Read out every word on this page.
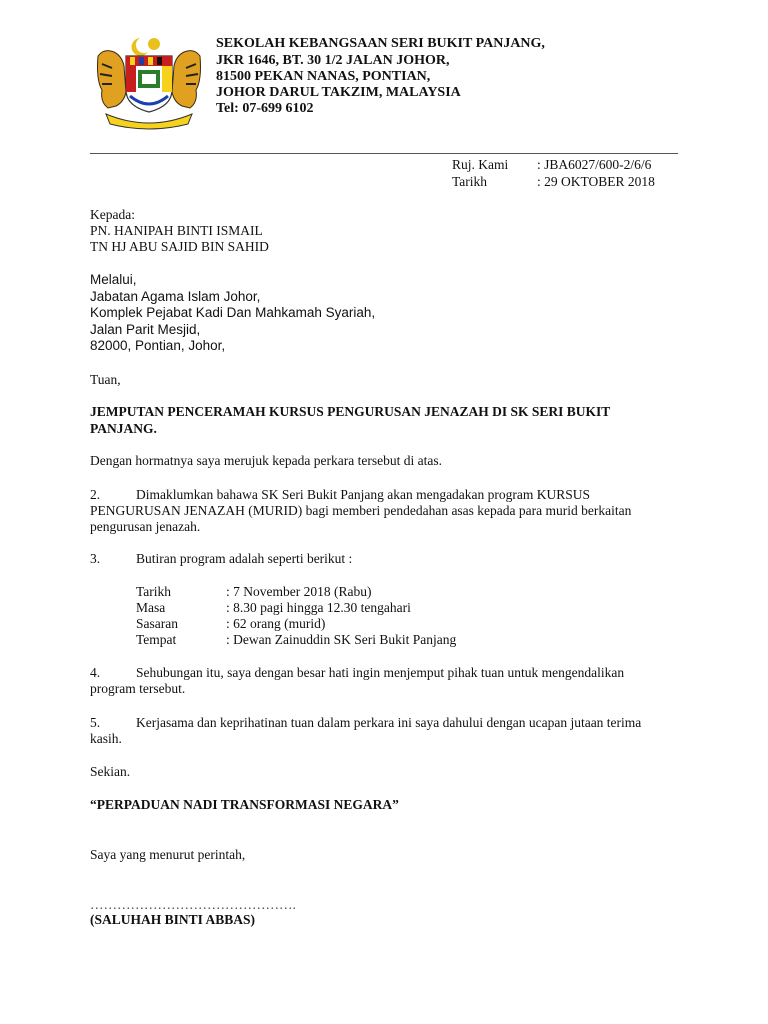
SEKOLAH KEBANGSAAN SERI BUKIT PANJANG,
JKR 1646, BT. 30 1/2 JALAN JOHOR,
81500 PEKAN NANAS, PONTIAN,
JOHOR DARUL TAKZIM, MALAYSIA
Tel: 07-699 6102
Ruj. Kami : JBA6027/600-2/6/6
Tarikh	: 29 OKTOBER 2018
Kepada:
PN. HANIPAH BINTI ISMAIL
TN HJ ABU SAJID BIN SAHID
Melalui,
Jabatan Agama Islam Johor,
Komplek Pejabat Kadi Dan Mahkamah Syariah,
Jalan Parit Mesjid,
82000, Pontian, Johor,
Tuan,
JEMPUTAN PENCERAMAH KURSUS PENGURUSAN JENAZAH DI SK SERI BUKIT
PANJANG.
Dengan hormatnya saya merujuk kepada perkara tersebut di atas.
2.	Dimaklumkan bahawa SK Seri Bukit Panjang akan mengadakan program KURSUS
PENGURUSAN JENAZAH (MURID) bagi memberi pendedahan asas kepada para murid berkaitan
pengurusan jenazah.
3.	Butiran program adalah seperti berikut :
Tarikh	: 7 November 2018 (Rabu)
Masa	: 8.30 pagi hingga 12.30 tengahari
Sasaran	: 62 orang (murid)
Tempat	: Dewan Zainuddin SK Seri Bukit Panjang
4.	Sehubungan itu, saya dengan besar hati ingin menjemput pihak tuan untuk mengendalikan
program tersebut.
5.	Kerjasama dan keprihatinan tuan dalam perkara ini saya dahului dengan ucapan jutaan terima
kasih.
Sekian.
“PERPADUAN NADI TRANSFORMASI NEGARA”
Saya yang menurut perintah,
……………………………………….
(SALUHAH BINTI ABBAS)
